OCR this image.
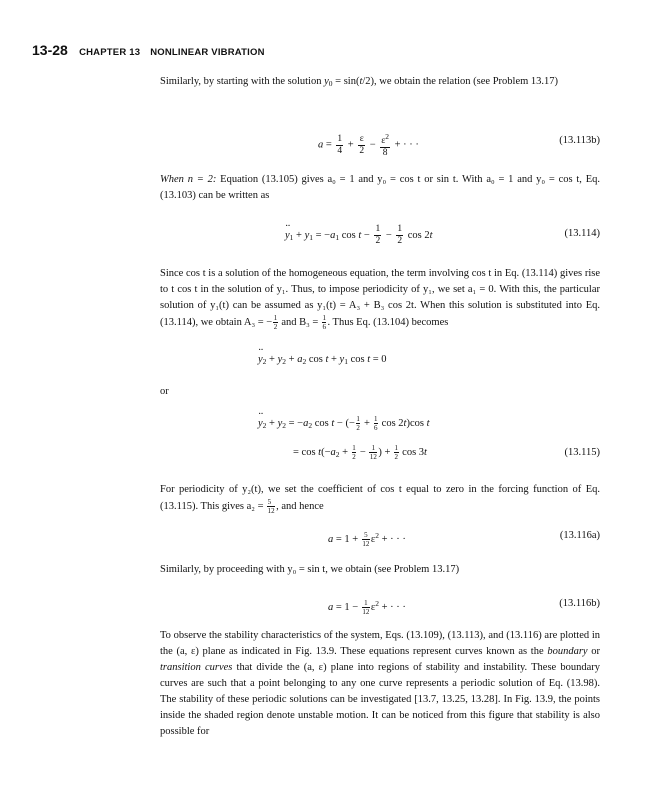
13-28 CHAPTER 13 NONLINEAR VIBRATION
Similarly, by starting with the solution $y_0 = \sin(t/2)$, we obtain the relation (see Problem 13.17)
$a = \frac{1}{4} + \frac{\varepsilon}{2} - \frac{\varepsilon^2}{8}$ + · · ·	(13.113b)
When n = 2: Equation (13.105) gives a₀ = 1 and y₀ = cos t or sin t. With a₀ = 1 and y₀ = cos t, Eq. (13.103) can be written as
·· $y_1 + y_1 = -a_1$ $\cos t - \frac{1}{2} - \frac{1}{2}$ cos 2t	(13.114)
Since cos t is a solution of the homogeneous equation, the term involving cos t in Eq. (13.114) gives rise to t cos t in the solution of y₁. Thus, to impose periodicity of y₁, we set a₁ = 0. With this, the particular solution of y₁(t) can be assumed as y₁(t) = A₃ + B₃ cos 2t. When this solution is substituted into Eq. (13.114), we obtain A₃ = − $\frac{1}{2}$ and $B_3 = \frac{1}{6}$ . Thus Eq. (13.104) becomes
·· $y_2 + y_2 + a_2$ $\cos t + y_1$ cos t = 0
or
·· $y_2 + y_2 = -a_2$ cos t − (− $\frac{1}{2} + \frac{1}{6}$ cos 2t)cos t
= $\cos t(-a_2 + \frac{1}{2} - \frac{1}{12}$ ) + $\frac{1}{2}$ cos 3t	(13.115)
For periodicity of y₂(t), we set the coefficient of cos t equal to zero in the forcing function of Eq. (13.115). This gives $a_2 = \frac{5}{12}$ , and hence
$a = 1 + \frac{5}{12} \varepsilon^2$ + · · ·	(13.116a)
Similarly, by proceeding with y₀ = sin t, we obtain (see Problem 13.17)
$a = 1 - \frac{1}{12} \varepsilon^2$ + · · ·	(13.116b)
To observe the stability characteristics of the system, Eqs. (13.109), (13.113), and (13.116) are plotted in the (a, ε) plane as indicated in Fig. 13.9. These equations represent curves known as the boundary or transition curves that divide the (a, ε) plane into regions of stability and instability. These boundary curves are such that a point belonging to any one curve represents a periodic solution of Eq. (13.98). The stability of these periodic solutions can be investigated [13.7, 13.25, 13.28]. In Fig. 13.9, the points inside the shaded region denote unstable motion. It can be noticed from this figure that stability is also possible for
